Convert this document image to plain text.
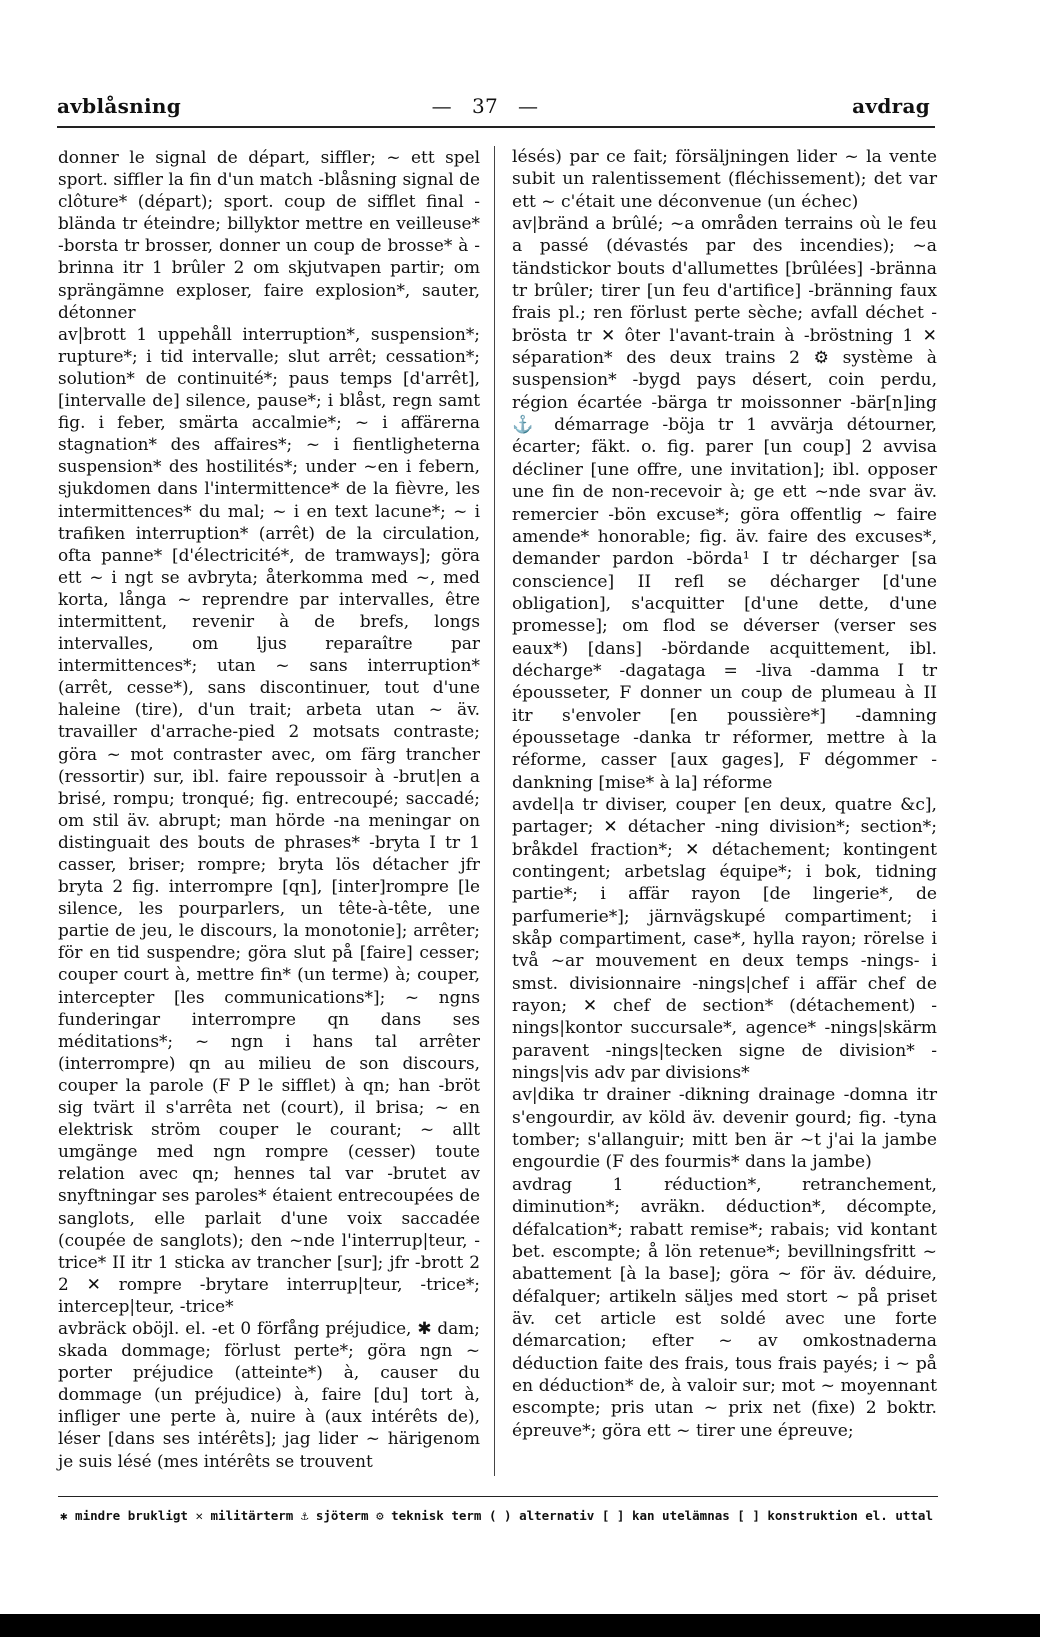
avblåsning	— 37 —	avdrag

donner le signal de départ, siffler; ~ ett spel sport. siffler la fin d'un match -blåsning signal de clôture* (départ); sport. coup de sifflet final -blända tr éteindre; billyktor mettre en veilleuse* -borsta tr brosser, donner un coup de brosse* à -brinna itr 1 brûler 2 om skjutvapen partir; om sprängämne exploser, faire explosion*, sauter, détonner

av|brott 1 uppehåll interruption*, suspension*; rupture*; i tid intervalle; slut arrêt; cessation*; solution* de continuité*; paus temps [d'arrêt], [intervalle de] silence, pause*; i blåst, regn samt fig. i feber, smärta accalmie*; ~ i affärerna stagnation* des affaires*; ~ i fientligheterna suspension* des hostilités*; under ~en i febern, sjukdomen dans l'intermittence* de la fièvre, les intermittences* du mal; ~ i en text lacune*; ~ i trafiken interruption* (arrêt) de la circulation, ofta panne* [d'électricité*, de tramways]; göra ett ~ i ngt se avbryta; återkomma med ~, med korta, långa ~ reprendre par intervalles, être intermittent, revenir à de brefs, longs intervalles, om ljus reparaître par intermittences*; utan ~ sans interruption* (arrêt, cesse*), sans discontinuer, tout d'une haleine (tire), d'un trait; arbeta utan ~ äv. travailler d'arrache-pied 2 motsats contraste; göra ~ mot contraster avec, om färg trancher (ressortir) sur, ibl. faire repoussoir à -brut|en a brisé, rompu; tronqué; fig. entrecoupé; saccadé; om stil äv. abrupt; man hörde -na meningar on distinguait des bouts de phrases* -bryta I tr 1 casser, briser; rompre; bryta lös détacher jfr bryta 2 fig. interrompre [qn], [inter]rompre [le silence, les pourparlers, un tête-à-tête, une partie de jeu, le discours, la monotonie]; arrêter; för en tid suspendre; göra slut på [faire] cesser; couper court à, mettre fin* (un terme) à; couper, intercepter [les communications*]; ~ ngns funderingar interrompre qn dans ses méditations*; ~ ngn i hans tal arrêter (interrompre) qn au milieu de son discours, couper la parole (F P le sifflet) à qn; han -bröt sig tvärt il s'arrêta net (court), il brisa; ~ en elektrisk ström couper le courant; ~ allt umgänge med ngn rompre (cesser) toute relation avec qn; hennes tal var -brutet av snyftningar ses paroles* étaient entrecoupées de sanglots, elle parlait d'une voix saccadée (coupée de sanglots); den ~nde l'interrup|teur, -trice* II itr 1 sticka av trancher [sur]; jfr -brott 2 2 ✕ rompre -brytare interrup|teur, -trice*; intercep|teur, -trice*

avbräck oböjl. el. -et 0 förfång préjudice, ✱ dam; skada dommage; förlust perte*; göra ngn ~ porter préjudice (atteinte*) à, causer du dommage (un préjudice) à, faire [du] tort à, infliger une perte à, nuire à (aux intérêts de), léser [dans ses intérêts]; jag lider ~ härigenom je suis lésé (mes intérêts se trouvent

lésés) par ce fait; försäljningen lider ~ la vente subit un ralentissement (fléchissement); det var ett ~ c'était une déconvenue (un échec)

av|bränd a brûlé; ~a områden terrains où le feu a passé (dévastés par des incendies); ~a tändstickor bouts d'allumettes [brûlées] -bränna tr brûler; tirer [un feu d'artifice] -bränning faux frais pl.; ren förlust perte sèche; avfall déchet -brösta tr ✕ ôter l'avant-train à -bröstning 1 ✕ séparation* des deux trains 2 ⚙ système à suspension* -bygd pays désert, coin perdu, région écartée -bärga tr moissonner -bär[n]ing ⚓ démarrage -böja tr 1 avvärja détourner, écarter; fäkt. o. fig. parer [un coup] 2 avvisa décliner [une offre, une invitation]; ibl. opposer une fin de non-recevoir à; ge ett ~nde svar äv. remercier -bön excuse*; göra offentlig ~ faire amende* honorable; fig. äv. faire des excuses*, demander pardon -börda¹ I tr décharger [sa conscience] II refl se décharger [d'une obligation], s'acquitter [d'une dette, d'une promesse]; om flod se déverser (verser ses eaux*) [dans] -bördande acquittement, ibl. décharge* -dagataga = -liva -damma I tr épousseter, F donner un coup de plumeau à II itr s'envoler [en poussière*] -damning époussetage -danka tr réformer, mettre à la réforme, casser [aux gages], F dégommer -dankning [mise* à la] réforme

avdel|a tr diviser, couper [en deux, quatre &c], partager; ✕ détacher -ning division*; section*; bråkdel fraction*; ✕ détachement; kontingent contingent; arbetslag équipe*; i bok, tidning partie*; i affär rayon [de lingerie*, de parfumerie*]; järnvägskupé compartiment; i skåp compartiment, case*, hylla rayon; rörelse i två ~ar mouvement en deux temps -nings- i smst. divisionnaire -nings|chef i affär chef de rayon; ✕ chef de section* (détachement) -nings|kontor succursale*, agence* -nings|skärm paravent -nings|tecken signe de division* -nings|vis adv par divisions*

av|dika tr drainer -dikning drainage -domna itr s'engourdir, av köld äv. devenir gourd; fig. -tyna tomber; s'allanguir; mitt ben är ~t j'ai la jambe engourdie (F des fourmis* dans la jambe)

avdrag 1 réduction*, retranchement, diminution*; avräkn. déduction*, décompte, défalcation*; rabatt remise*; rabais; vid kontant bet. escompte; å lön retenue*; bevillningsfritt ~ abattement [à la base]; göra ~ för äv. déduire, défalquer; artikeln säljes med stort ~ på priset äv. cet article est soldé avec une forte démarcation; efter ~ av omkostnaderna déduction faite des frais, tous frais payés; i ~ på en déduction* de, à valoir sur; mot ~ moyennant escompte; pris utan ~ prix net (fixe) 2 boktr. épreuve*; göra ett ~ tirer une épreuve;

✱ mindre brukligt ✕ militärterm ⚓ sjöterm ⚙ teknisk term ( ) alternativ [ ] kan utelämnas [ ] konstruktion el. uttal
